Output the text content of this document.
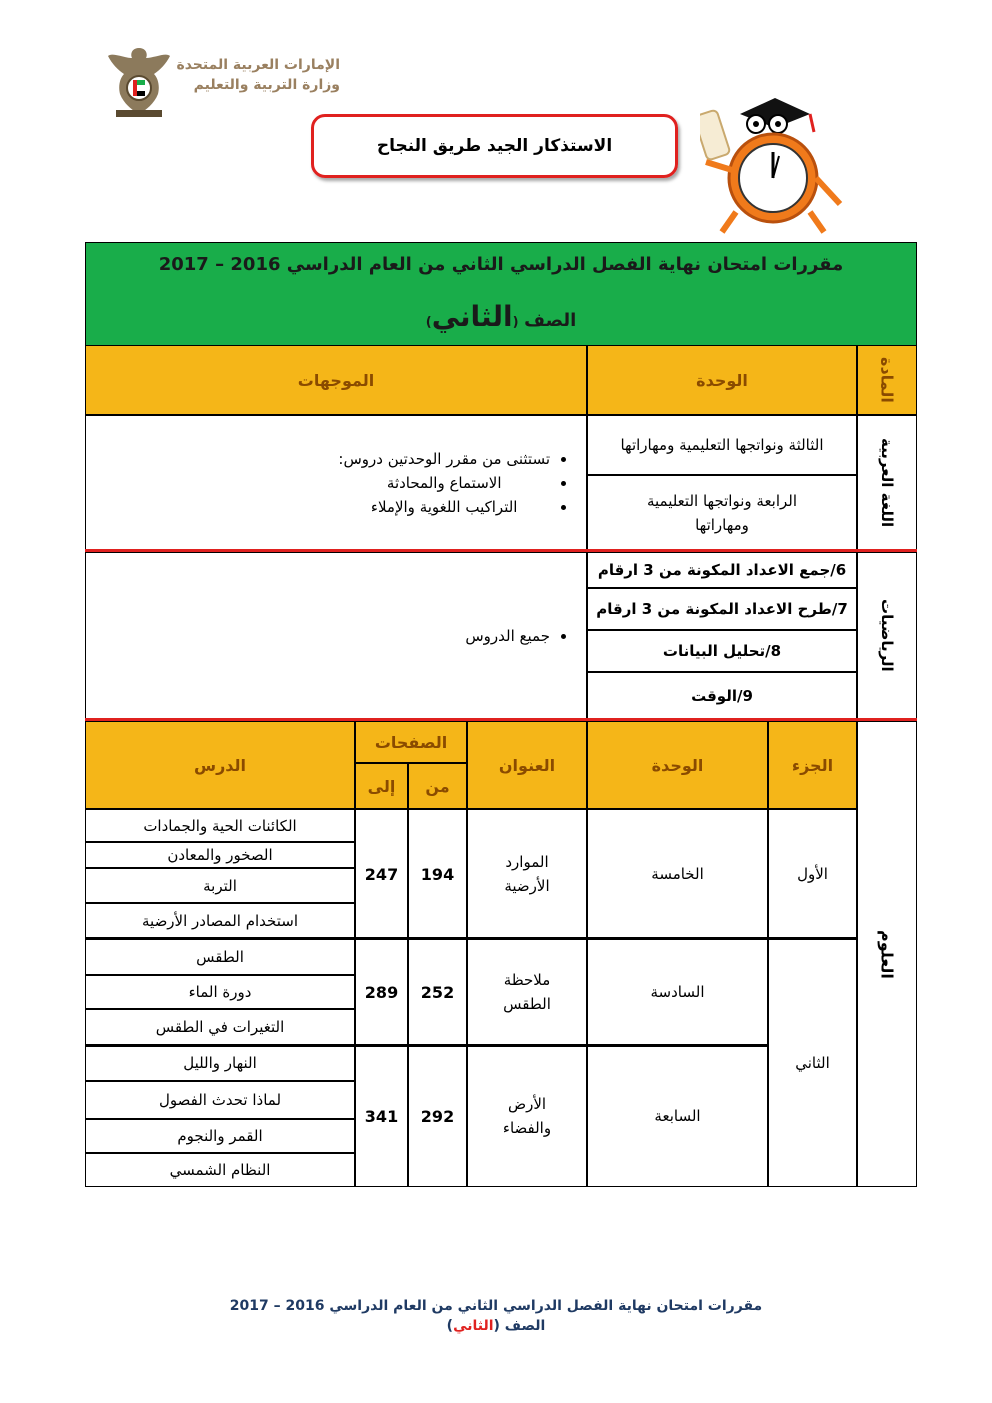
الإمارات العربية المتحدة
وزارة التربية والتعليم
الاستذكار الجيد طريق النجاح
مقررات امتحان نهاية الفصل الدراسي الثاني من العام الدراسي 2016 – 2017
الصف (الثاني)
المادة
الوحدة
الموجهات
اللغة العربية
الثالثة ونواتجها التعليمية ومهاراتها
الرابعة ونواتجها التعليمية ومهاراتها
• تستثنى من مقرر الوحدتين دروس:
• الاستماع والمحادثة
• التراكيب اللغوية والإملاء
الرياضيات
6/جمع الاعداد المكونة من 3 ارقام
7/طرح الاعداد المكونة من 3 ارقام
8/تحليل البيانات
9/الوقت
• جميع الدروس
العلوم
الجزء
الوحدة
العنوان
الصفحات
من
إلى
الدرس
الأول
الثاني
الخامسة
الموارد الأرضية
194
247
الكائنات الحية والجمادات
الصخور والمعادن
التربة
استخدام المصادر الأرضية
السادسة
ملاحظة الطقس
252
289
الطقس
دورة الماء
التغيرات في الطقس
السابعة
الأرض والفضاء
292
341
النهار والليل
لماذا تحدث الفصول
القمر والنجوم
النظام الشمسي
مقررات امتحان نهاية الفصل الدراسي الثاني من العام الدراسي 2016 – 2017
الصف (الثاني)
